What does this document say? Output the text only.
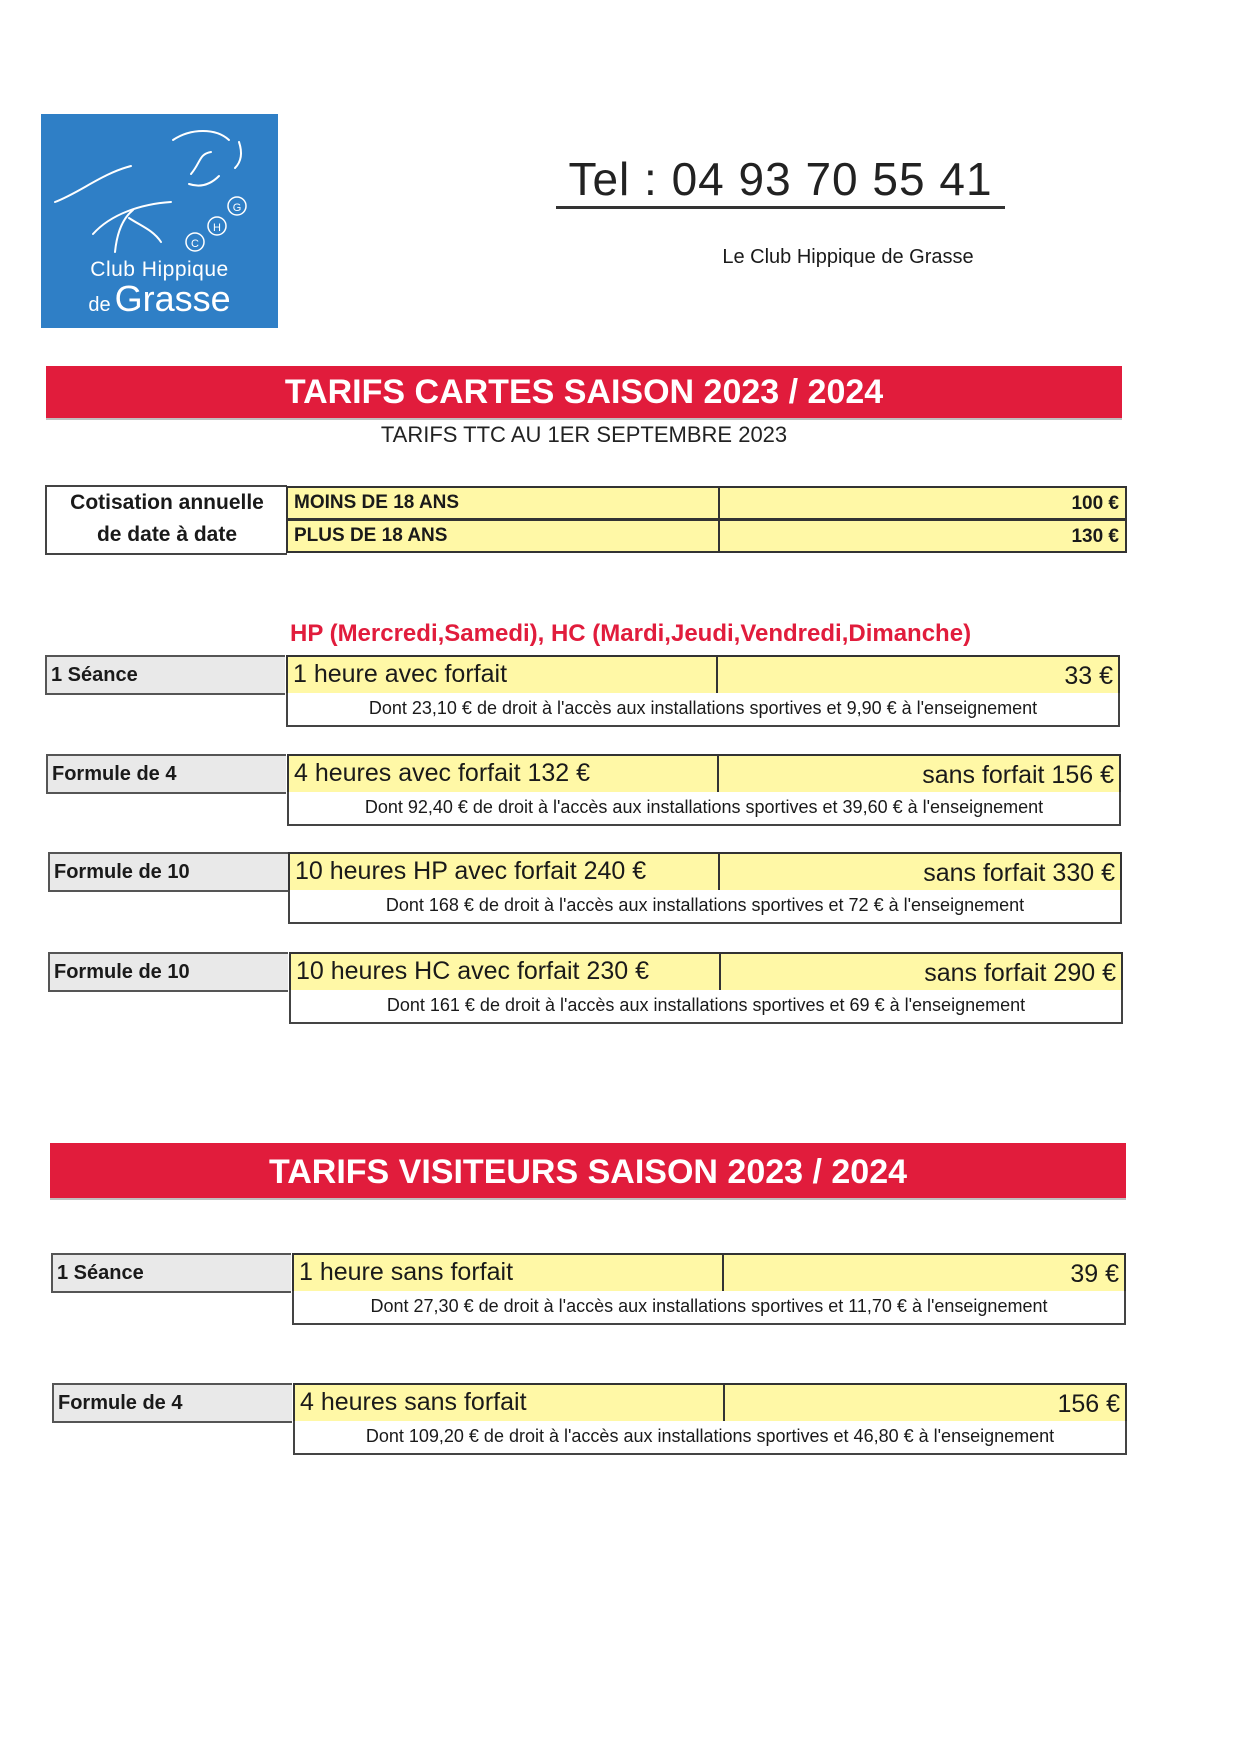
G
H
C
Club Hippique
de Grasse
Tel : 04 93 70 55 41
Le Club Hippique de Grasse
TARIFS CARTES SAISON 2023 / 2024
TARIFS TTC AU 1ER SEPTEMBRE 2023
Cotisation annuelle
de date à date
MOINS DE 18 ANS	100 €
PLUS DE 18 ANS	130 €
HP (Mercredi,Samedi), HC (Mardi,Jeudi,Vendredi,Dimanche)
1 Séance	1 heure avec forfait	33 €
Dont 23,10 € de droit à l'accès aux installations sportives et 9,90 € à l'enseignement
Formule de 4	4 heures avec forfait 132 €	sans forfait 156 €
Dont 92,40 € de droit à l'accès aux installations sportives et 39,60 € à l'enseignement
Formule de 10	10 heures HP avec forfait 240 €	sans forfait 330 €
Dont 168 € de droit à l'accès aux installations sportives et 72 € à l'enseignement
Formule de 10	10 heures HC avec forfait 230 €	sans forfait 290 €
Dont 161 € de droit à l'accès aux installations sportives et 69 € à l'enseignement
TARIFS VISITEURS SAISON 2023 / 2024
1 Séance	1 heure sans forfait	39 €
Dont 27,30 € de droit à l'accès aux installations sportives et 11,70 € à l'enseignement
Formule de 4	4 heures sans forfait	156 €
Dont 109,20 € de droit à l'accès aux installations sportives et 46,80 € à l'enseignement
